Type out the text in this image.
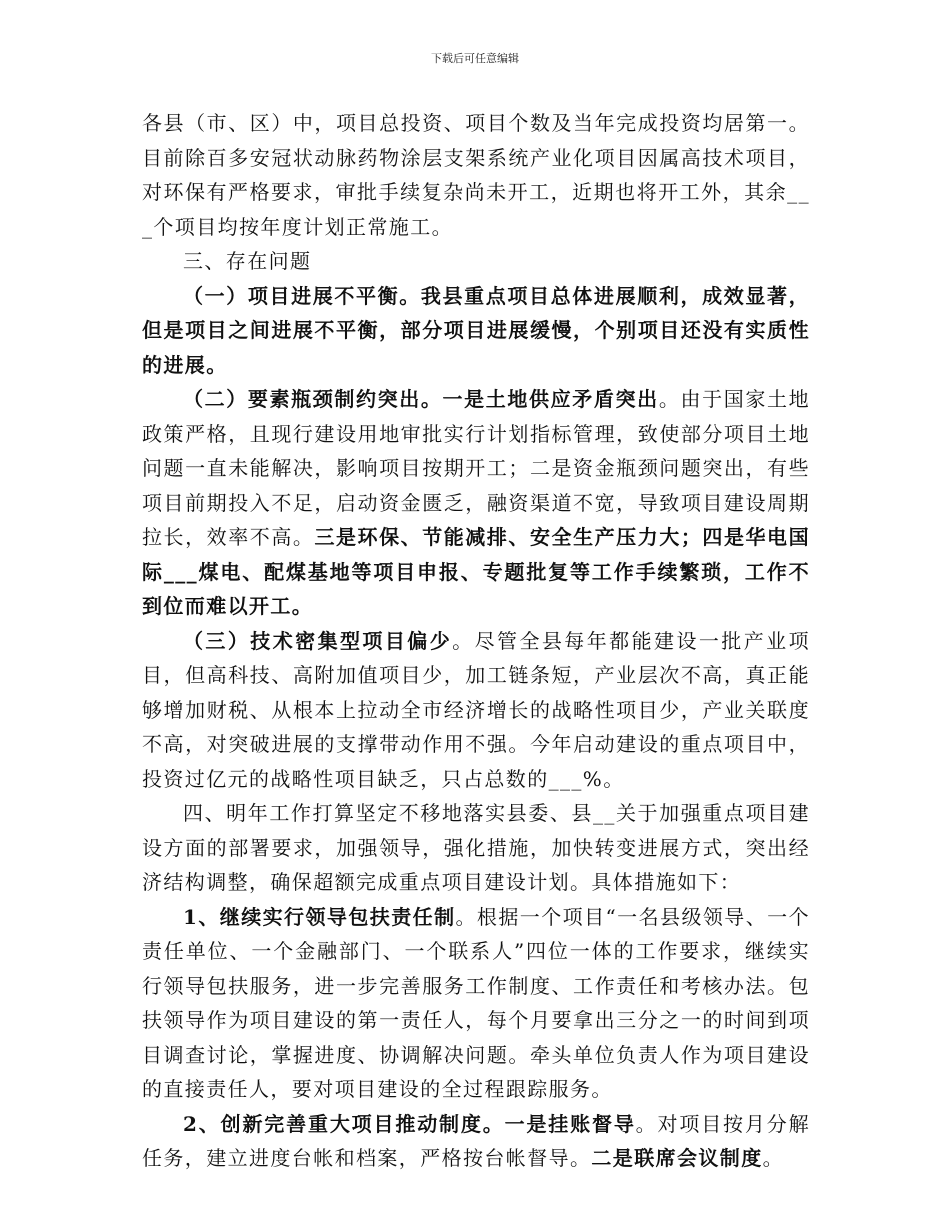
下载后可任意编辑

各县（市、区）中，项目总投资、项目个数及当年完成投资均居第一。目前除百多安冠状动脉药物涂层支架系统产业化项目因属高技术项目，对环保有严格要求，审批手续复杂尚未开工，近期也将开工外，其余___个项目均按年度计划正常施工。

三、存在问题

（一）项目进展不平衡。我县重点项目总体进展顺利，成效显著，但是项目之间进展不平衡，部分项目进展缓慢，个别项目还没有实质性的进展。

（二）要素瓶颈制约突出。一是土地供应矛盾突出。由于国家土地政策严格，且现行建设用地审批实行计划指标管理，致使部分项目土地问题一直未能解决，影响项目按期开工；二是资金瓶颈问题突出，有些项目前期投入不足，启动资金匮乏，融资渠道不宽，导致项目建设周期拉长，效率不高。三是环保、节能减排、安全生产压力大；四是华电国际___煤电、配煤基地等项目申报、专题批复等工作手续繁琐，工作不到位而难以开工。

（三）技术密集型项目偏少。尽管全县每年都能建设一批产业项目，但高科技、高附加值项目少，加工链条短，产业层次不高，真正能够增加财税、从根本上拉动全市经济增长的战略性项目少，产业关联度不高，对突破进展的支撑带动作用不强。今年启动建设的重点项目中，投资过亿元的战略性项目缺乏，只占总数的___%。

四、明年工作打算坚定不移地落实县委、县__关于加强重点项目建设方面的部署要求，加强领导，强化措施，加快转变进展方式，突出经济结构调整，确保超额完成重点项目建设计划。具体措施如下：

1、继续实行领导包扶责任制。根据一个项目“一名县级领导、一个责任单位、一个金融部门、一个联系人”四位一体的工作要求，继续实行领导包扶服务，进一步完善服务工作制度、工作责任和考核办法。包扶领导作为项目建设的第一责任人，每个月要拿出三分之一的时间到项目调查讨论，掌握进度、协调解决问题。牵头单位负责人作为项目建设的直接责任人，要对项目建设的全过程跟踪服务。

2、创新完善重大项目推动制度。一是挂账督导。对项目按月分解任务，建立进度台帐和档案，严格按台帐督导。二是联席会议制度。
